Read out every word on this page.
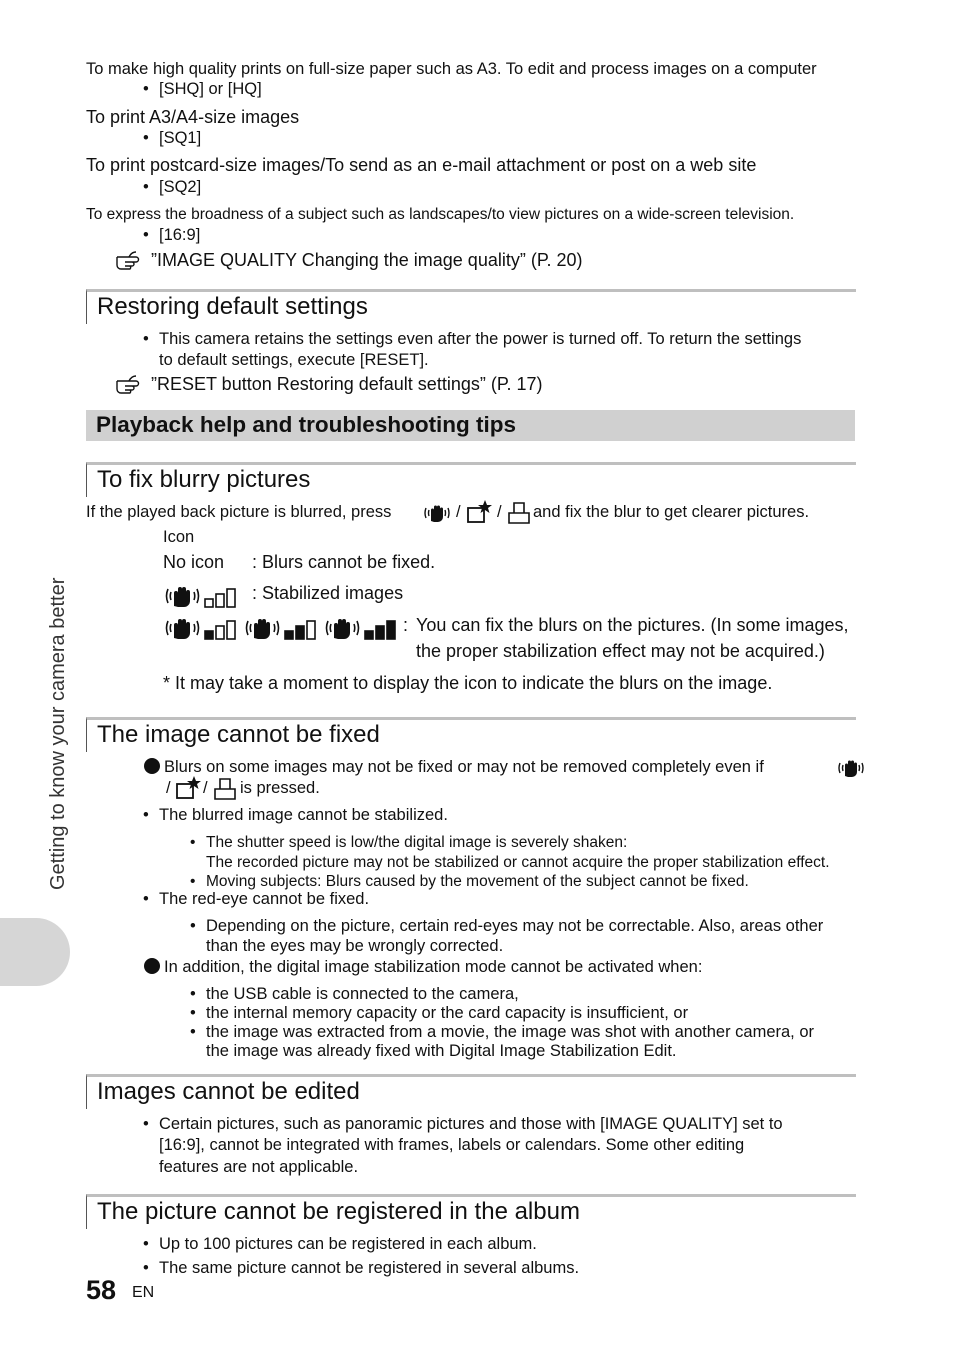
To make high quality prints on full-size paper such as A3. To edit and process images on a computer
• [SHQ] or [HQ]
To print A3/A4-size images
• [SQ1]
To print postcard-size images/To send as an e-mail attachment or post on a web site
• [SQ2]
To express the broadness of a subject such as landscapes/to view pictures on a wide-screen television.
• [16:9]
”IMAGE QUALITY Changing the image quality” (P. 20)
Restoring default settings
• This camera retains the settings even after the power is turned off. To return the settings
to default settings, execute [RESET].
”RESET button Restoring default settings” (P. 17)
Playback help and troubleshooting tips
To fix blurry pictures
If the played back picture is blurred, press	/ / and fix the blur to get clearer pictures.
Icon
No icon : Blurs cannot be fixed.
: Stabilized images
: You can fix the blurs on the pictures. (In some images,
the proper stabilization effect may not be acquired.)
* It may take a moment to display the icon to indicate the blurs on the image.
The image cannot be fixed
Blurs on some images may not be fixed or may not be removed completely even if
/ / is pressed.
• The blurred image cannot be stabilized.
• The shutter speed is low/the digital image is severely shaken:
The recorded picture may not be stabilized or cannot acquire the proper stabilization effect.
• Moving subjects: Blurs caused by the movement of the subject cannot be fixed.
• The red-eye cannot be fixed.
• Depending on the picture, certain red-eyes may not be correctable. Also, areas other
than the eyes may be wrongly corrected.
In addition, the digital image stabilization mode cannot be activated when:
• the USB cable is connected to the camera,
• the internal memory capacity or the card capacity is insufficient, or
• the image was extracted from a movie, the image was shot with another camera, or
the image was already fixed with Digital Image Stabilization Edit.
Images cannot be edited
• Certain pictures, such as panoramic pictures and those with [IMAGE QUALITY] set to
[16:9], cannot be integrated with frames, labels or calendars. Some other editing
features are not applicable.
The picture cannot be registered in the album
• Up to 100 pictures can be registered in each album.
• The same picture cannot be registered in several albums.
Getting to know your camera better
58 EN
